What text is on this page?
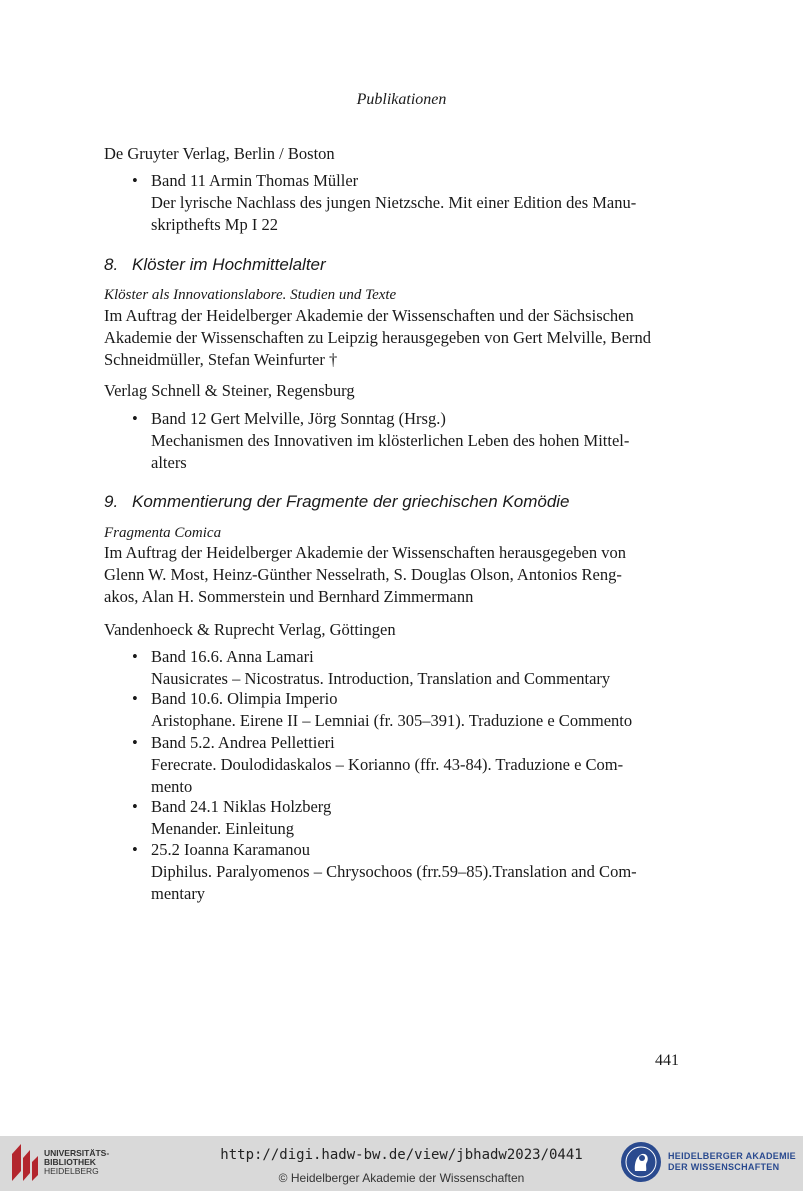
Publikationen
De Gruyter Verlag, Berlin / Boston
• Band 11 Armin Thomas Müller
Der lyrische Nachlass des jungen Nietzsche. Mit einer Edition des Manu-
skripthefts Mp I 22
8. Klöster im Hochmittelalter
Klöster als Innovationslabore. Studien und Texte
Im Auftrag der Heidelberger Akademie der Wissenschaften und der Sächsischen
Akademie der Wissenschaften zu Leipzig herausgegeben von Gert Melville, Bernd
Schneidmüller, Stefan Weinfurter †
Verlag Schnell & Steiner, Regensburg
• Band 12 Gert Melville, Jörg Sonntag (Hrsg.)
Mechanismen des Innovativen im klösterlichen Leben des hohen Mittel-
alters
9. Kommentierung der Fragmente der griechischen Komödie
Fragmenta Comica
Im Auftrag der Heidelberger Akademie der Wissenschaften herausgegeben von
Glenn W. Most, Heinz-Günther Nesselrath, S. Douglas Olson, Antonios Reng-
akos, Alan H. Sommerstein und Bernhard Zimmermann
Vandenhoeck & Ruprecht Verlag, Göttingen
• Band 16.6. Anna Lamari
Nausicrates – Nicostratus. Introduction, Translation and Commentary
• Band 10.6. Olimpia Imperio
Aristophane. Eirene II – Lemniai (fr. 305–391). Traduzione e Commento
• Band 5.2. Andrea Pellettieri
Ferecrate. Doulodidaskalos – Korianno (ffr. 43-84). Traduzione e Com-
mento
• Band 24.1 Niklas Holzberg
Menander. Einleitung
• 25.2 Ioanna Karamanou
Diphilus. Paralyomenos – Chrysochoos (frr.59–85).Translation and Com-
mentary
441
UNIVERSITÄTS-
BIBLIOTHEK
HEIDELBERG
http://digi.hadw-bw.de/view/jbhadw2023/0441
© Heidelberger Akademie der Wissenschaften
HEIDELBERGER AKADEMIE
DER WISSENSCHAFTEN
